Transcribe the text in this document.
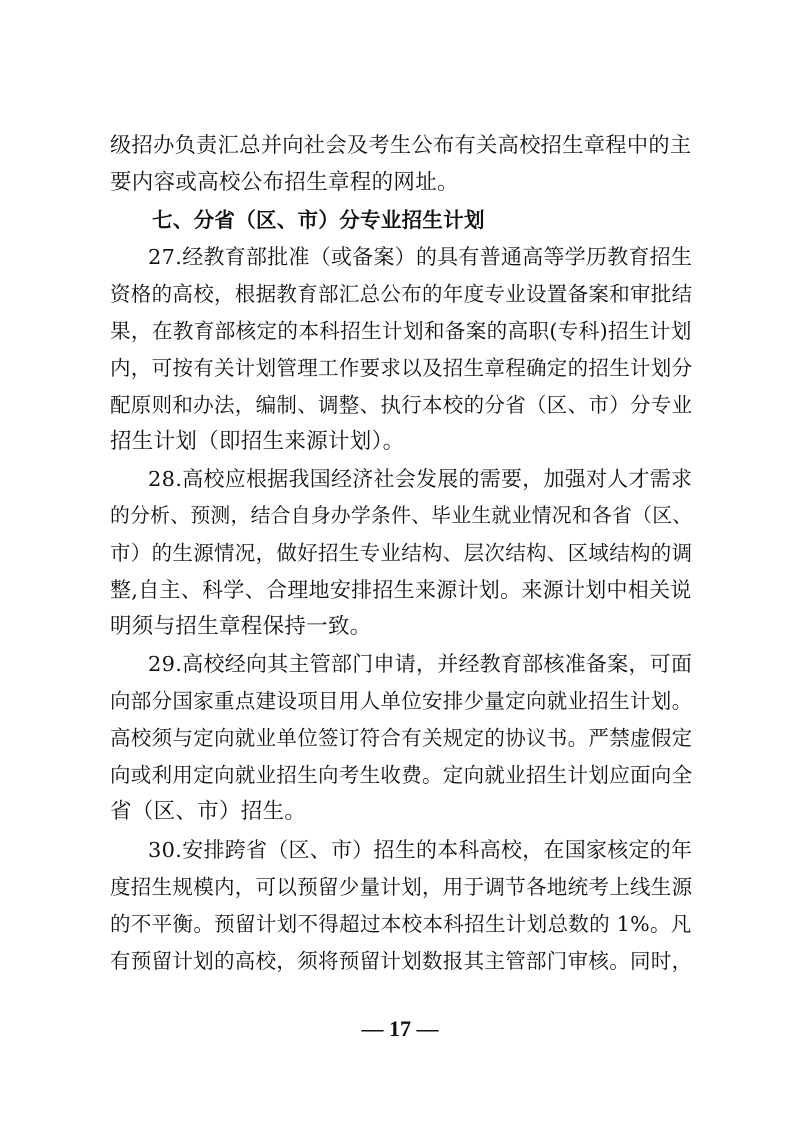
级招办负责汇总并向社会及考生公布有关高校招生章程中的主
要内容或高校公布招生章程的网址。
七、分省（区、市）分专业招生计划
27.经教育部批准（或备案）的具有普通高等学历教育招生
资格的高校，根据教育部汇总公布的年度专业设置备案和审批结
果，在教育部核定的本科招生计划和备案的高职(专科)招生计划
内，可按有关计划管理工作要求以及招生章程确定的招生计划分
配原则和办法，编制、调整、执行本校的分省（区、市）分专业
招生计划（即招生来源计划）。
28.高校应根据我国经济社会发展的需要，加强对人才需求
的分析、预测，结合自身办学条件、毕业生就业情况和各省（区、
市）的生源情况，做好招生专业结构、层次结构、区域结构的调
整,自主、科学、合理地安排招生来源计划。来源计划中相关说
明须与招生章程保持一致。
29.高校经向其主管部门申请，并经教育部核准备案，可面
向部分国家重点建设项目用人单位安排少量定向就业招生计划。
高校须与定向就业单位签订符合有关规定的协议书。严禁虚假定
向或利用定向就业招生向考生收费。定向就业招生计划应面向全
省（区、市）招生。
30.安排跨省（区、市）招生的本科高校，在国家核定的年
度招生规模内，可以预留少量计划，用于调节各地统考上线生源
的不平衡。预留计划不得超过本校本科招生计划总数的 1%。凡
有预留计划的高校，须将预留计划数报其主管部门审核。同时，
— 17 —
